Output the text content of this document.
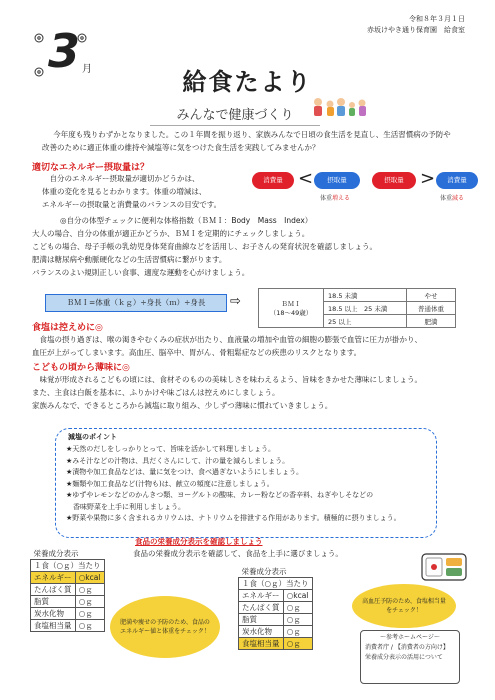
令和８年３月１日
赤坂けやき通り保育園　給食室
3 月	給食たより
みんなで健康づくり
今年度も残りわずかとなりました。この１年間を振り返り、家族みんなで日頃の食生活を見直し、生活習慣病の予防や
改善のために適正体重の維持や減塩等に気をつけた食生活を実践してみませんか？
適切なエネルギー摂取量は？
自分のエネルギー摂取量が適切かどうかは、
体重の変化を見るとわかります。体重の増減は、
エネルギーの摂取量と消費量のバランスの目安です。
消費量 <	摂取量
体重増える
摂取量 >	消費量
体重減る
◎自分の体型チェックに便利な体格指数（ＢＭＩ：Body　Mass　Index）
大人の場合、自分の体重が適正かどうか、ＢＭＩを定期的にチェックしましょう。
こどもの場合、母子手帳の乳幼児身体発育曲線などを活用し、お子さんの発育状況を確認しましょう。
肥満は糖尿病や動脈硬化などの生活習慣病に繋がります。
バランスのよい規則正しい食事、適度な運動を心がけましょう。
ＢＭＩ=体重（ｋｇ）÷身長（ｍ）÷身長	⇨	ＢＭＩ
（18～49歳）	18.5 未満	やせ
	18.5 以上　25 未満	普通体重
	25 以上	肥満
食塩は控えめに◎
食塩の摂り過ぎは、喉の渇きやむくみの症状が出たり、血液量の増加や血管の細胞の膨張で血管に圧力が掛かり、
血圧が上がってしまいます。高血圧、脳卒中、胃がん、骨粗鬆症などの疾患のリスクとなります。
こどもの頃から薄味に◎
味覚が形成されるこどもの頃には、食材そのものの美味しさを味わえるよう、旨味をきかせた薄味にしましょう。
また、主食は白飯を基本に、ふりかけや味ごはんは控えめにしましょう。
家族みんなで、できるところから減塩に取り組み、少しずつ薄味に慣れていきましょう。
減塩のポイント
★天然のだしをしっかりとって、旨味を活かして料理しましょう。
★みそ汁などの汁物は、具だくさんにして、汁の量を減らしましょう。
★漬物や加工食品などは、量に気をつけ、食べ過ぎないようにしましょう。
★麺類や加工食品など(汁物も)は、献立の頻度に注意しましょう。
★ゆずやレモンなどのかんきつ類、ヨーグルトの酸味、カレー粉などの香辛料、ねぎやしそなどの
　香味野菜を上手に利用しましょう。
★野菜や果物に多く含まれるカリウムは、ナトリウムを排泄する作用があります。積極的に摂りましょう。
食品の栄養成分表示を確認しましょう
食品の栄養成分表示を確認して、食品を上手に選びましょう。
栄養成分表示	
１食（○ｇ）当たり	
エネルギー	○kcal
たんぱく質	○ｇ
脂質	○ｇ
炭水化物	○ｇ
食塩相当量	○ｇ	肥満や痩せの予防のため、食品のエネルギー値と体重をチェック！
栄養成分表示	
１食（○ｇ）当たり	
エネルギー	○kcal
たんぱく質	○ｇ
脂質	○ｇ
炭水化物	○ｇ
食塩相当量	○ｇ
高血圧予防のため、食塩相当量をチェック！
〜参考ホームページ〜
消費者庁 / 【消費者の方向け】
栄養成分表示の活用について
